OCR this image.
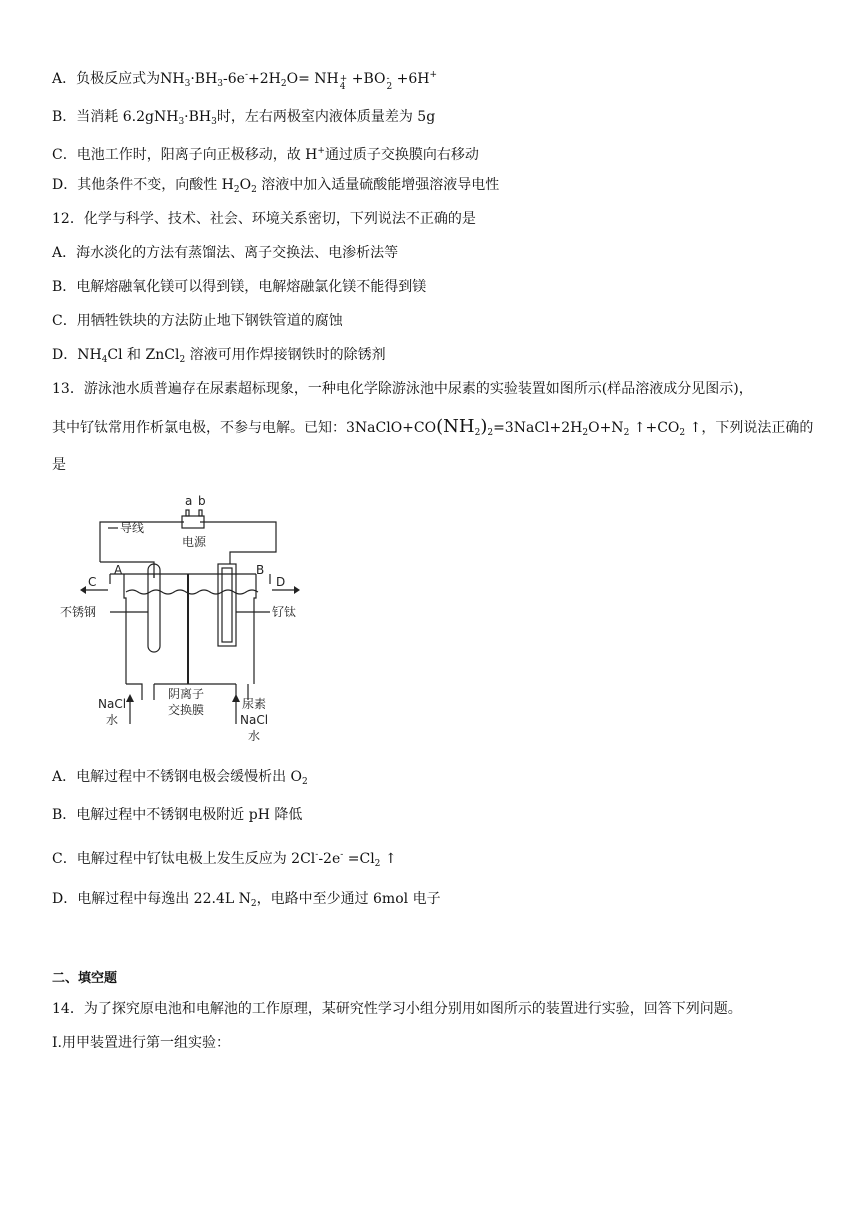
A．负极反应式为$NH_3\cdot BH_3-6e^-+2H_2O=$ NH +
4 +BO -
2 +6H+
B．当消耗 $6.2gNH_3\cdot BH_3$时，左右两极室内液体质量差为 5g
C．电池工作时，阳离子向正极移动，故 H+通过质子交换膜向右移动
D．其他条件不变，向酸性 $H_2O_2$ 溶液中加入适量硫酸能增强溶液导电性
12．化学与科学、技术、社会、环境关系密切，下列说法不正确的是
A．海水淡化的方法有蒸馏法、离子交换法、电渗析法等
B．电解熔融氧化镁可以得到镁，电解熔融氯化镁不能得到镁
C．用牺牲铁块的方法防止地下钢铁管道的腐蚀
D．$NH_4Cl$ 和 ZnCl$_2$ 溶液可用作焊接钢铁时的除锈剂
13．游泳池水质普遍存在尿素超标现象，一种电化学除游泳池中尿素的实验装置如图所示(样品溶液成分见图示)，
其中钌钛常用作析氯电极，不参与电解。已知：$3NaClO+CO(NH_2)_2=3NaCl+2H_2O+N_2$ $↑+CO_2$ ↑，下列说法正确的
是
a b
导线
电源
A	B
C	D
不锈钢	钌钛
阴离子
交换膜
NaCl
水
尿素
NaCl
水
A．电解过程中不锈钢电极会缓慢析出 $O_2$
B．电解过程中不锈钢电极附近 pH 降低
C．电解过程中钌钛电极上发生反应为 $2Cl^--2e^- =Cl_2$ ↑
D．电解过程中每逸出 22.4L $N_2$，电路中至少通过 6mol 电子
二、填空题
14．为了探究原电池和电解池的工作原理，某研究性学习小组分别用如图所示的装置进行实验，回答下列问题。
I.用甲装置进行第一组实验：
